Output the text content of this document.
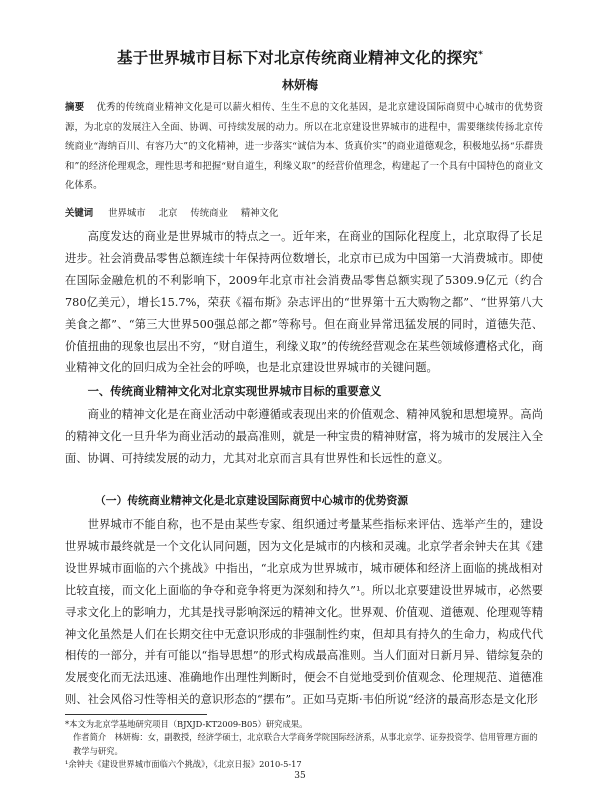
基于世界城市目标下对北京传统商业精神文化的探究*
林妍梅
摘要 优秀的传统商业精神文化是可以薪火相传、生生不息的文化基因，是北京建设国际商贸中心城市的优势资源，为北京的发展注入全面、协调、可持续发展的动力。所以在北京建设世界城市的进程中，需要继续传扬北京传统商业“海纳百川、有容乃大”的文化精神，进一步落实“诚信为本、货真价实”的商业道德观念，积极地弘扬“乐群贵和”的经济伦理观念，理性思考和把握“财自道生，利缘义取”的经营价值理念，构建起了一个具有中国特色的商业文化体系。
关键词 世界城市 北京 传统商业 精神文化

高度发达的商业是世界城市的特点之一。近年来，在商业的国际化程度上，北京取得了长足进步。社会消费品零售总额连续十年保持两位数增长，北京市已成为中国第一大消费城市。即使在国际金融危机的不利影响下，2009年北京市社会消费品零售总额实现了5309.9亿元（约合780亿美元），增长15.7%，荣获《福布斯》杂志评出的“世界第十五大购物之都”、“世界第八大美食之都”、“第三大世界500强总部之都”等称号。但在商业异常迅猛发展的同时，道德失范、价值扭曲的现象也层出不穷，“财自道生，利缘义取”的传统经营观念在某些领域修遭格式化，商业精神文化的回归成为全社会的呼唤，也是北京建设世界城市的关键问题。

一、传统商业精神文化对北京实现世界城市目标的重要意义

商业的精神文化是在商业活动中彰遵循或表现出来的价值观念、精神风貌和思想境界。高尚的精神文化一旦升华为商业活动的最高准则，就是一种宝贵的精神财富，将为城市的发展注入全面、协调、可持续发展的动力，尤其对北京而言具有世界性和长远性的意义。

（一）传统商业精神文化是北京建设国际商贸中心城市的优势资源

世界城市不能自称，也不是由某些专家、组织通过考量某些指标来评估、选举产生的，建设世界城市最终就是一个文化认同问题，因为文化是城市的内核和灵魂。北京学者余钟夫在其《建设世界城市面临的六个挑战》中指出，“北京成为世界城市，城市硬体和经济上面临的挑战相对比较直接，而文化上面临的争夺和竞争将更为深刻和持久”¹。所以北京要建设世界城市，必然要寻求文化上的影响力，尤其是找寻影响深远的精神文化。世界观、价值观、道德观、伦理观等精神文化虽然是人们在长期交往中无意识形成的非强制性约束，但却具有持久的生命力，构成代代相传的一部分，并有可能以“指导思想”的形式构成最高准则。当人们面对日新月异、错综复杂的发展变化而无法迅速、准确地作出理性判断时，便会不自觉地受到价值观念、伦理规范、道德准则、社会风俗习性等相关的意识形态的“摆布”。正如马克斯·韦伯所说“经济的最高形态是文化形

*本文为北京学基地研究项目（BJXJD-KT2009-B05）研究成果。

作者简介　林妍梅：女，副教授，经济学硕士，北京联合大学商务学院国际经济系，从事北京学、证券投资学、信用管理方面的教学与研究。

¹余钟夫《建设世界城市面临六个挑战》，《北京日报》2010-5-17

35
